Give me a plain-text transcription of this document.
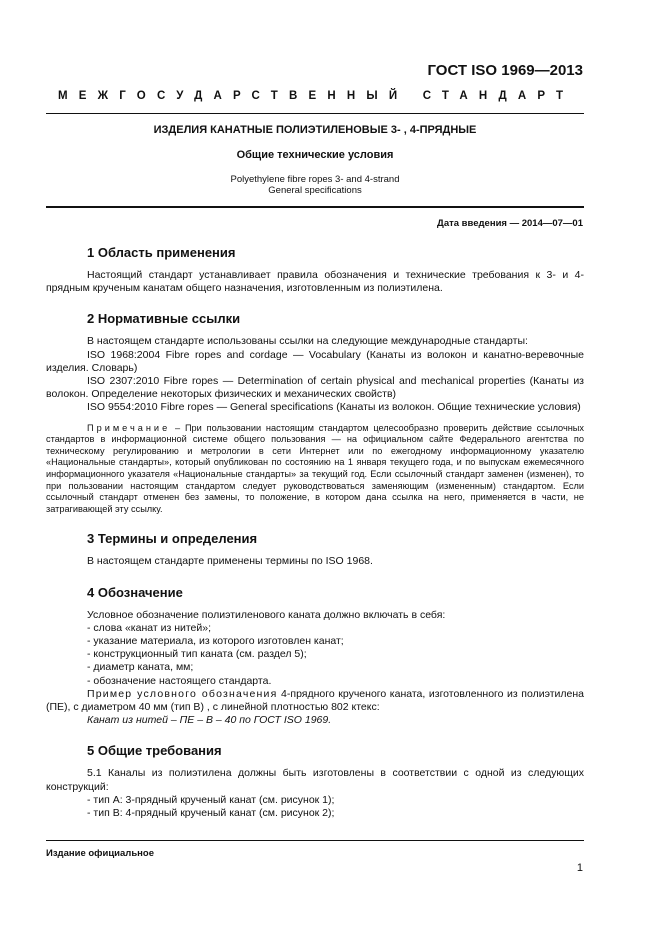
ГОСТ ISO 1969—2013
МЕЖГОСУДАРСТВЕННЫЙ СТАНДАРТ
ИЗДЕЛИЯ КАНАТНЫЕ ПОЛИЭТИЛЕНОВЫЕ 3- , 4-ПРЯДНЫЕ
Общие технические условия
Polyethylene fibre ropes 3- and 4-strand
General specifications
Дата введения — 2014—07—01
1 Область применения

Настоящий стандарт устанавливает правила обозначения и технические требования к 3- и 4-прядным крученым канатам общего назначения, изготовленным из полиэтилена.

2 Нормативные ссылки

В настоящем стандарте использованы ссылки на следующие международные стандарты:

ISO 1968:2004 Fibre ropes and cordage — Vocabulary (Канаты из волокон и канатно-веревочные изделия. Словарь)

ISO 2307:2010 Fibre ropes — Determination of certain physical and mechanical properties (Канаты из волокон. Определение некоторых физических и механических свойств)

ISO 9554:2010 Fibre ropes — General specifications (Канаты из волокон. Общие технические условия)

Примечание – При пользовании настоящим стандартом целесообразно проверить действие ссылочных стандартов в информационной системе общего пользования — на официальном сайте Федерального агентства по техническому регулированию и метрологии в сети Интернет или по ежегодному информационному указателю «Национальные стандарты», который опубликован по состоянию на 1 января текущего года, и по выпускам ежемесячного информационного указателя «Национальные стандарты» за текущий год. Если ссылочный стандарт заменен (изменен), то при пользовании настоящим стандартом следует руководствоваться заменяющим (измененным) стандартом. Если ссылочный стандарт отменен без замены, то положение, в котором дана ссылка на него, применяется в части, не затрагивающей эту ссылку.

3 Термины и определения

В настоящем стандарте применены термины по ISO 1968.

4 Обозначение

Условное обозначение полиэтиленового каната должно включать в себя:

- слова «канат из нитей»;

- указание материала, из которого изготовлен канат;

- конструкционный тип каната (см. раздел 5);

- диаметр каната, мм;

- обозначение настоящего стандарта.

Пример условного обозначения 4-прядного крученого каната, изготовленного из полиэтилена (ПЕ), с диаметром 40 мм (тип В) , с линейной плотностью 802 ктекс:

Канат из нитей – ПЕ – В – 40 по ГОСТ ISO 1969.

5 Общие требования

5.1 Каналы из полиэтилена должны быть изготовлены в соответствии с одной из следующих конструкций:

- тип А: 3-прядный крученый канат (см. рисунок 1);

- тип В: 4-прядный крученый канат (см. рисунок 2);

Издание официальное
1
